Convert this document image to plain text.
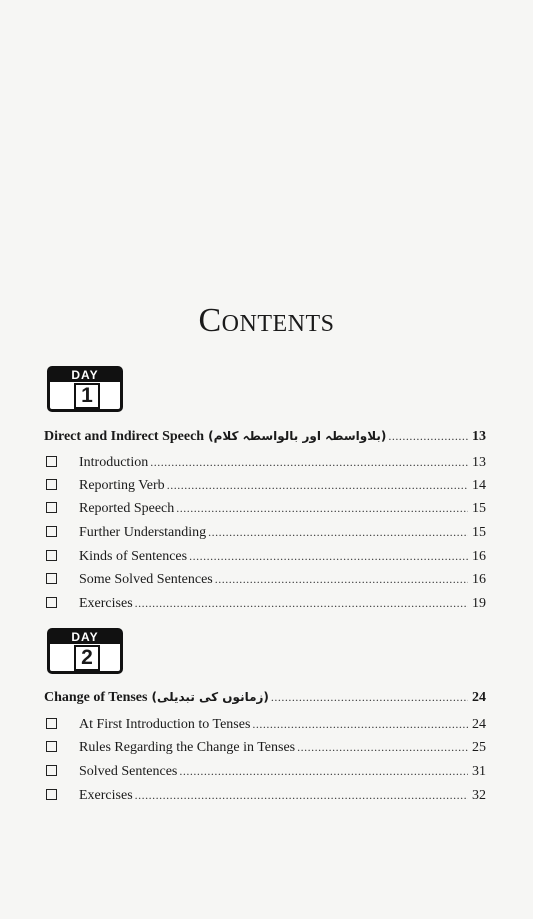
Contents
DAY
1
Direct and Indirect Speech (بلاواسطہ اور بالواسطہ کلام) .....	13
Introduction .....	13
Reporting Verb .....	14
Reported Speech .....	15
Further Understanding .....	15
Kinds of Sentences .....	16
Some Solved Sentences .....	16
Exercises .....	19
DAY
2
Change of Tenses (زمانوں کی تبدیلی) .....	24
At First Introduction to Tenses .....	24
Rules Regarding the Change in Tenses .....	25
Solved Sentences .....	31
Exercises .....	32
